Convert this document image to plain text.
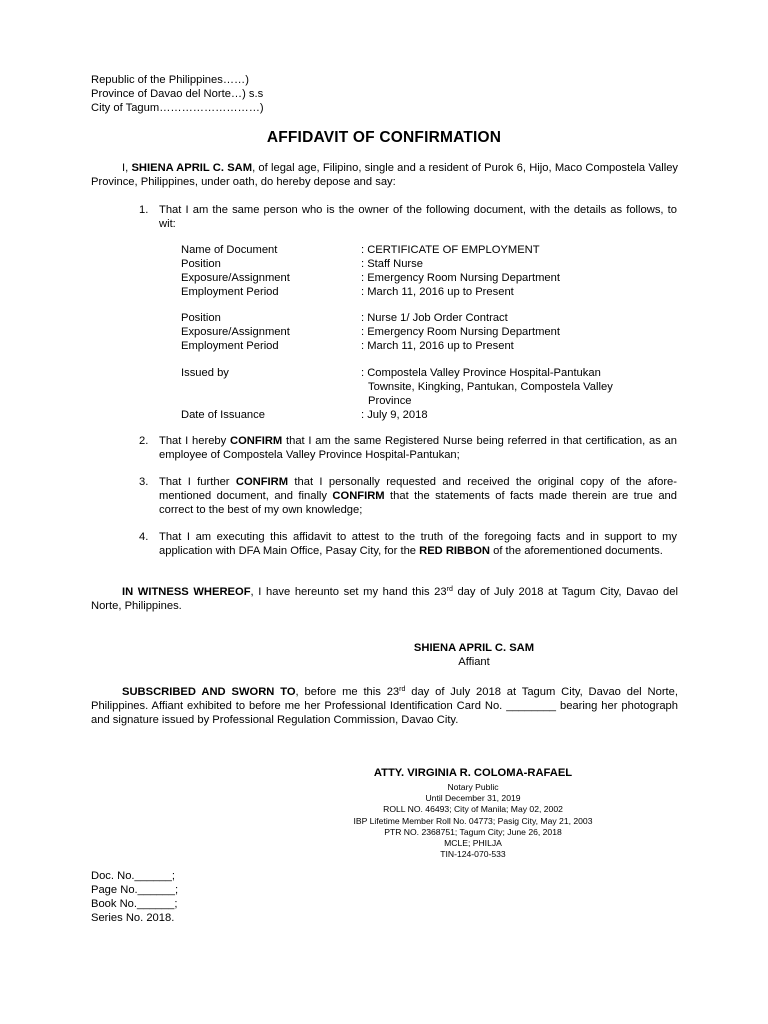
Republic of the Philippines……)
Province of Davao del Norte…) s.s
City of Tagum………………………)
AFFIDAVIT OF CONFIRMATION
I, SHIENA APRIL C. SAM, of legal age, Filipino, single and a resident of Purok 6, Hijo, Maco Compostela Valley Province, Philippines, under oath, do hereby depose and say:
1. That I am the same person who is the owner of the following document, with the details as follows, to wit:
Name of Document	: CERTIFICATE OF EMPLOYMENT
Position	: Staff Nurse
Exposure/Assignment	: Emergency Room Nursing Department
Employment Period	: March 11, 2016 up to Present
Position	: Nurse 1/ Job Order Contract
Exposure/Assignment	: Emergency Room Nursing Department
Employment Period	: March 11, 2016 up to Present
Issued by	: Compostela Valley Province Hospital-Pantukan
Townsite, Kingking, Pantukan, Compostela Valley
Province
Date of Issuance	: July 9, 2018
2. That I hereby CONFIRM that I am the same Registered Nurse being referred in that certification, as an employee of Compostela Valley Province Hospital-Pantukan;
3. That I further CONFIRM that I personally requested and received the original copy of the afore-mentioned document, and finally CONFIRM that the statements of facts made therein are true and correct to the best of my own knowledge;
4. That I am executing this affidavit to attest to the truth of the foregoing facts and in support to my application with DFA Main Office, Pasay City, for the RED RIBBON of the aforementioned documents.
IN WITNESS WHEREOF, I have hereunto set my hand this 23rd day of July 2018 at Tagum City, Davao del Norte, Philippines.
SHIENA APRIL C. SAM
Affiant
SUBSCRIBED AND SWORN TO, before me this 23rd day of July 2018 at Tagum City, Davao del Norte, Philippines. Affiant exhibited to before me her Professional Identification Card No. ________ bearing her photograph and signature issued by Professional Regulation Commission, Davao City.
ATTY. VIRGINIA R. COLOMA-RAFAEL
Notary Public
Until December 31, 2019
ROLL NO. 46493; City of Manila; May 02, 2002
IBP Lifetime Member Roll No. 04773; Pasig City, May 21, 2003
PTR NO. 2368751; Tagum City; June 26, 2018
MCLE; PHILJA
TIN-124-070-533
Doc. No.______;
Page No.______;
Book No.______;
Series No. 2018.
